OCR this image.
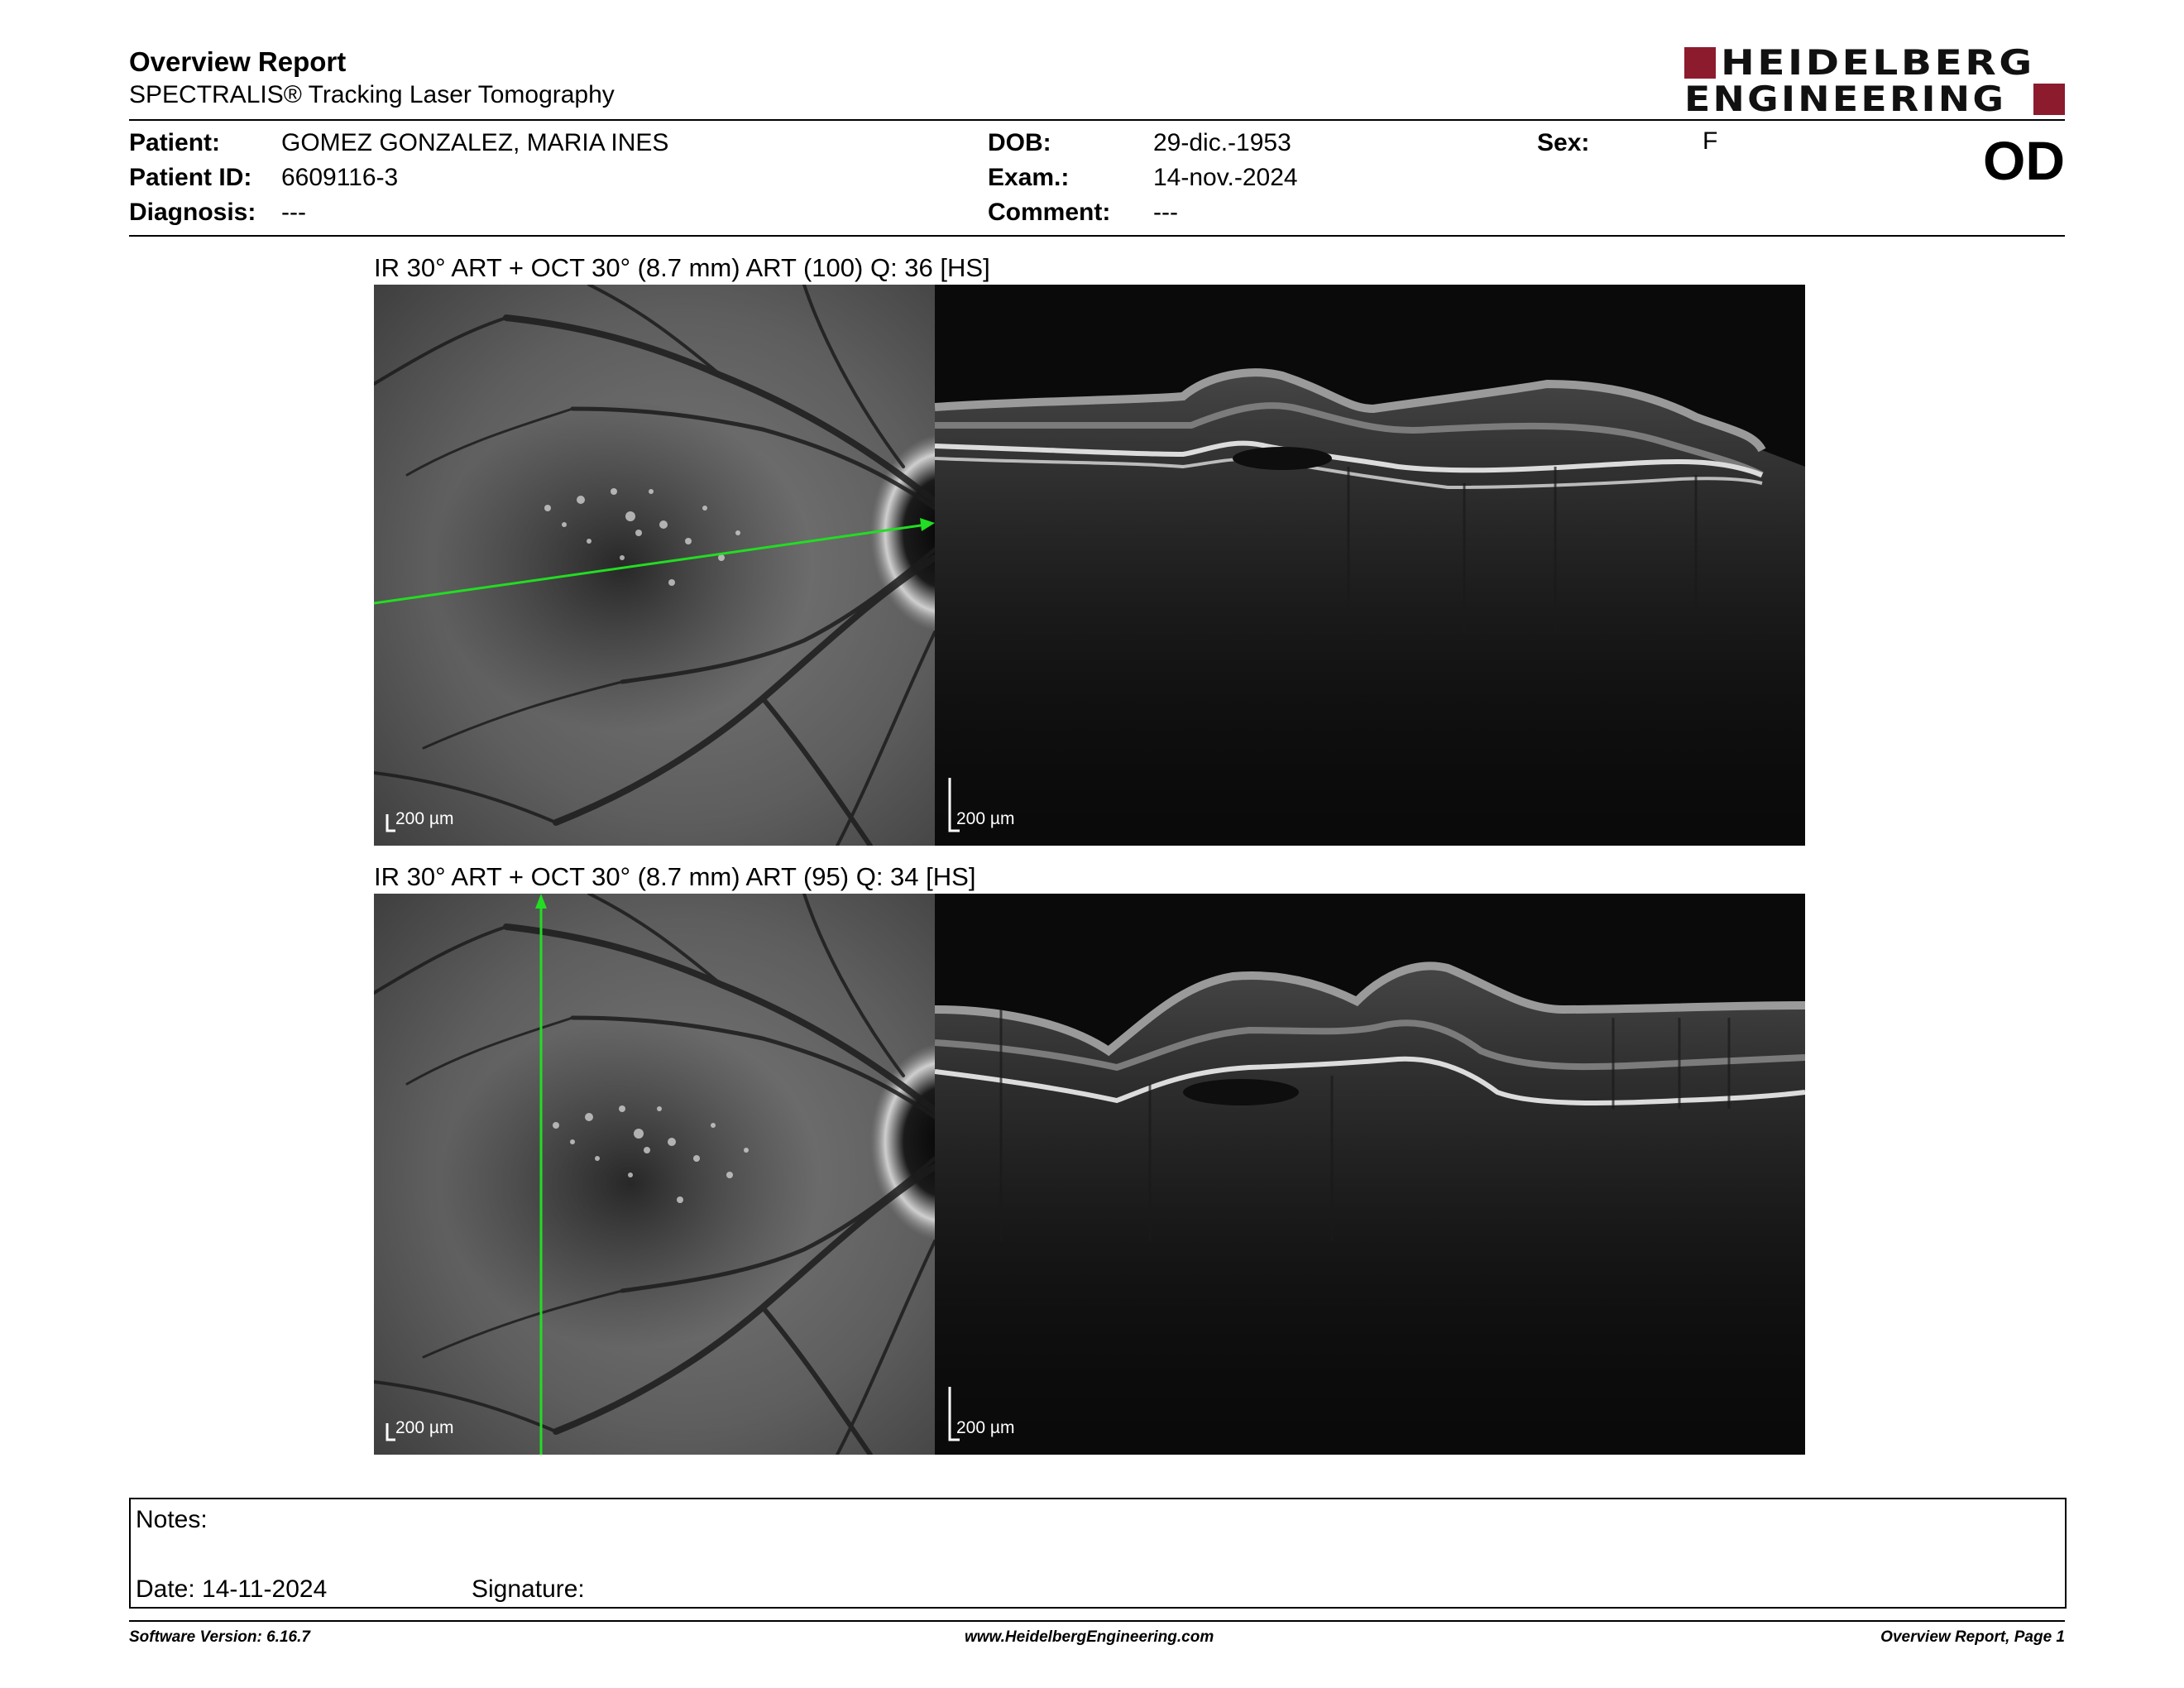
Overview Report
SPECTRALIS® Tracking Laser Tomography
HEIDELBERG
ENGINEERING
OD
Patient: GOMEZ GONZALEZ, MARIA INES
Patient ID: 6609116-3
Diagnosis: ---
DOB:	29-dic.-1953
Exam.:	14-nov.-2024
Comment: ---
Sex:	F
IR 30° ART + OCT 30° (8.7 mm) ART (100) Q: 36 [HS]
200 µm	200 µm
IR 30° ART + OCT 30° (8.7 mm) ART (95) Q: 34 [HS]
200 µm	200 µm
Notes:
Date: 14-11-2024	Signature:
Software Version: 6.16.7	www.HeidelbergEngineering.com	Overview Report, Page 1
